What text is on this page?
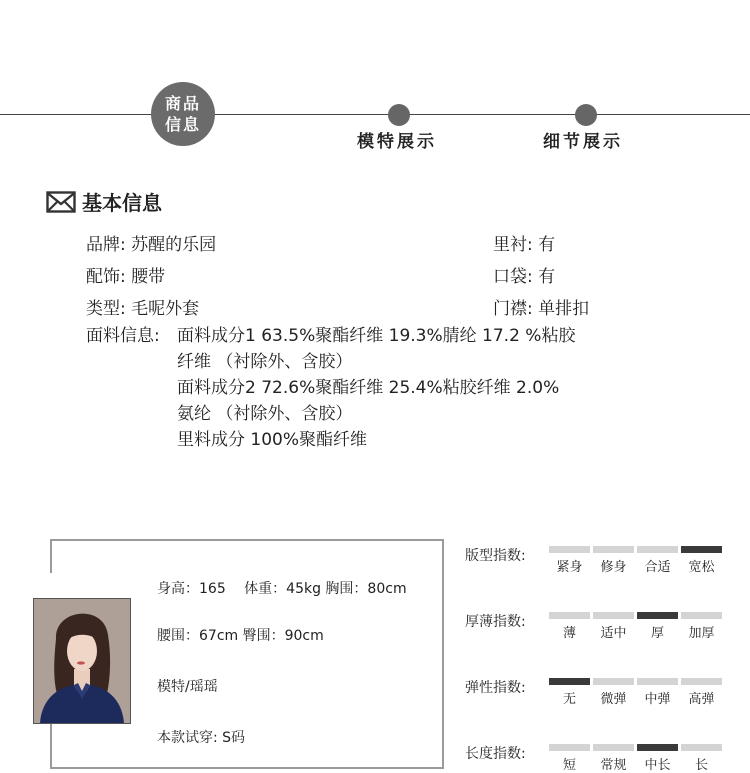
商品
信息
模特展示	细节展示
基本信息
品牌: 苏醒的乐园
配饰: 腰带
类型: 毛呢外套
里衬: 有
口袋: 有
门襟: 单排扣
面料信息:	面料成分1 63.5%聚酯纤维 19.3%腈纶 17.2 %粘胶
纤维 （衬除外、含胶）
面料成分2 72.6%聚酯纤维 25.4%粘胶纤维 2.0%
氨纶 （衬除外、含胶）
里料成分 100%聚酯纤维
身高：165　 体重：45kg 胸围：80cm
腰围：67cm 臀围：90cm
模特/瑶瑶
本款试穿: S码
版型指数:
紧身	修身	合适	宽松
厚薄指数:
薄	适中	厚	加厚
弹性指数:
无	微弹	中弹	高弹
长度指数:
短	常规	中长	长
